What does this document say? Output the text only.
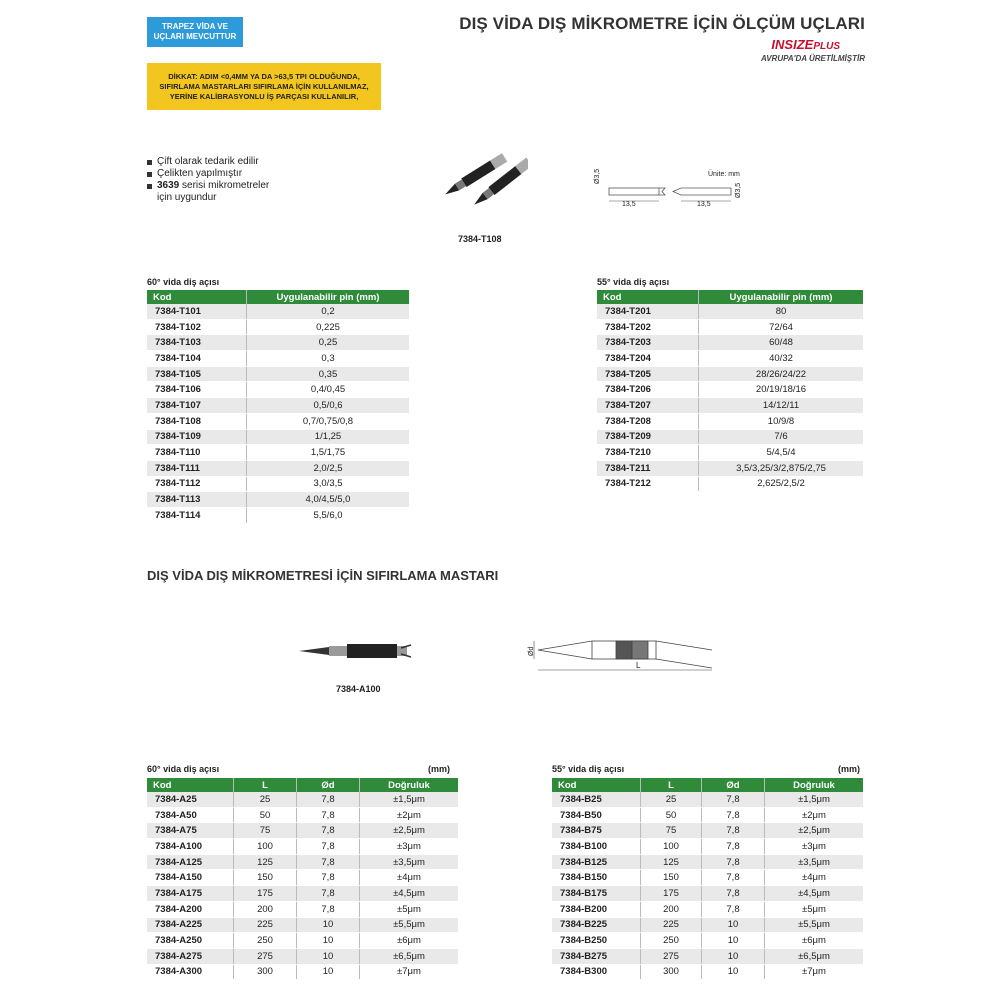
TRAPEZ VİDA VE
UÇLARI MEVCUTTUR
DIŞ VİDA DIŞ MİKROMETRE İÇİN ÖLÇÜM UÇLARI
INSIZEPLUS
AVRUPA'DA ÜRETİLMİŞTİR
DİKKAT: ADIM <0,4MM YA DA >63,5 TPI OLDUĞUNDA,
SIFIRLAMA MASTARLARI SIFIRLAMA İÇİN KULLANILMAZ,
YERİNE KALİBRASYONLU İŞ PARÇASI KULLANILIR,
Çift olarak tedarik edilir
Çelikten yapılmıştır
3639 serisi mikrometreler
için uygundur
7384-T108
Ünite: mm
Ø3,5
13,5	13,5
Ø3,5
60° vida diş açısı
Kod	Uygulanabilir pin (mm)
7384-T101	0,2
7384-T102	0,225
7384-T103	0,25
7384-T104	0,3
7384-T105	0,35
7384-T106	0,4/0,45
7384-T107	0,5/0,6
7384-T108	0,7/0,75/0,8
7384-T109	1/1,25
7384-T110	1,5/1,75
7384-T111	2,0/2,5
7384-T112	3,0/3,5
7384-T113	4,0/4,5/5,0
7384-T114	5,5/6,0
55° vida diş açısı
Kod	Uygulanabilir pin (mm)
7384-T201	80
7384-T202	72/64
7384-T203	60/48
7384-T204	40/32
7384-T205	28/26/24/22
7384-T206	20/19/18/16
7384-T207	14/12/11
7384-T208	10/9/8
7384-T209	7/6
7384-T210	5/4,5/4
7384-T211	3,5/3,25/3/2,875/2,75
7384-T212	2,625/2,5/2
DIŞ VİDA DIŞ MİKROMETRESİ İÇİN SIFIRLAMA MASTARI
7384-A100
Ød
L
60° vida diş açısı	(mm)
Kod	L	Ød	Doğruluk
7384-A25	25	7,8	±1,5μm
7384-A50	50	7,8	±2μm
7384-A75	75	7,8	±2,5μm
7384-A100	100	7,8	±3μm
7384-A125	125	7,8	±3,5μm
7384-A150	150	7,8	±4μm
7384-A175	175	7,8	±4,5μm
7384-A200	200	7,8	±5μm
7384-A225	225	10	±5,5μm
7384-A250	250	10	±6μm
7384-A275	275	10	±6,5μm
7384-A300	300	10	±7μm
55° vida diş açısı	(mm)
Kod	L	Ød	Doğruluk
7384-B25	25	7,8	±1,5μm
7384-B50	50	7,8	±2μm
7384-B75	75	7,8	±2,5μm
7384-B100	100	7,8	±3μm
7384-B125	125	7,8	±3,5μm
7384-B150	150	7,8	±4μm
7384-B175	175	7,8	±4,5μm
7384-B200	200	7,8	±5μm
7384-B225	225	10	±5,5μm
7384-B250	250	10	±6μm
7384-B275	275	10	±6,5μm
7384-B300	300	10	±7μm
